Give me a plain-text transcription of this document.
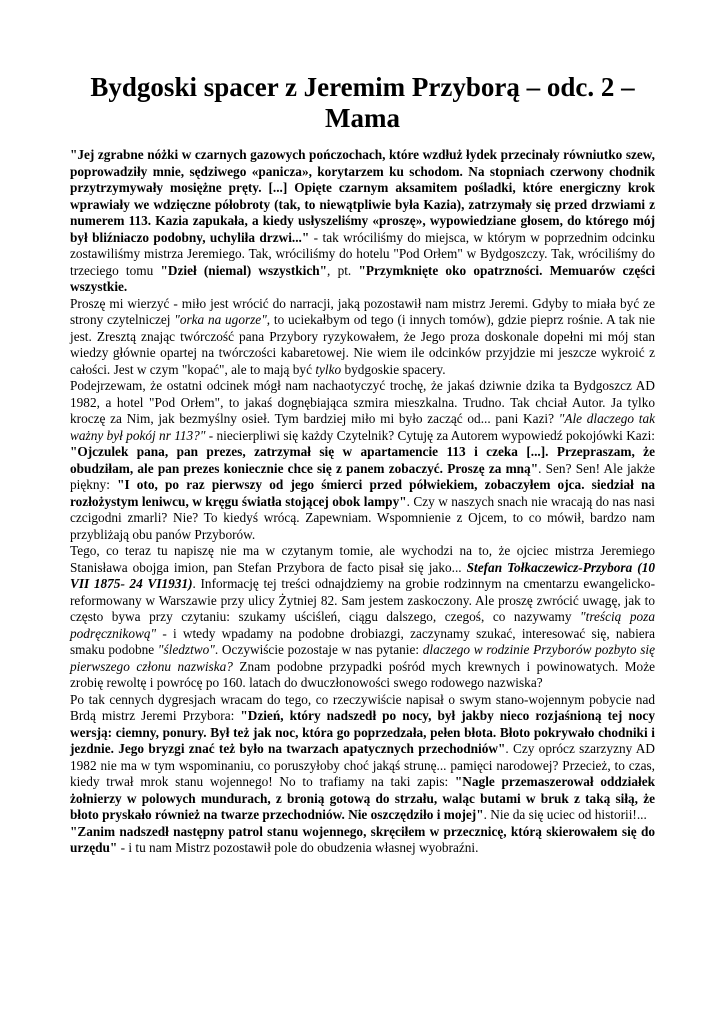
Bydgoski spacer z Jeremim Przyborą – odc. 2 – Mama

"Jej zgrabne nóżki w czarnych gazowych pończochach, które wzdłuż łydek przecinały równiutko szew, poprowadziły mnie, sędziwego «panicza», korytarzem ku schodom. Na stopniach czerwony chodnik przytrzymywały mosiężne pręty. [...] Opięte czarnym aksamitem pośladki, które energiczny krok wprawiały we wdzięczne półobroty (tak, to niewątpliwie była Kazia), zatrzymały się przed drzwiami z numerem 113. Kazia zapukała, a kiedy usłyszeliśmy «proszę», wypowiedziane głosem, do którego mój był bliźniaczo podobny, uchyliła drzwi..." - tak wróciliśmy do miejsca, w którym w poprzednim odcinku zostawiliśmy mistrza Jeremiego. Tak, wróciliśmy do hotelu "Pod Orłem" w Bydgoszczy. Tak, wróciliśmy do trzeciego tomu "Dzieł (niemal) wszystkich", pt. "Przymknięte oko opatrzności. Memuarów części wszystkie.

Proszę mi wierzyć - miło jest wrócić do narracji, jaką pozostawił nam mistrz Jeremi. Gdyby to miała być ze strony czytelniczej "orka na ugorze", to uciekałbym od tego (i innych tomów), gdzie pieprz rośnie. A tak nie jest. Zresztą znając twórczość pana Przybory ryzykowałem, że Jego proza doskonale dopełni mi mój stan wiedzy głównie opartej na twórczości kabaretowej. Nie wiem ile odcinków przyjdzie mi jeszcze wykroić z całości. Jest w czym "kopać", ale to mają być tylko bydgoskie spacery.

Podejrzewam, że ostatni odcinek mógł nam nachaotyczyć trochę, że jakaś dziwnie dzika ta Bydgoszcz AD 1982, a hotel "Pod Orłem", to jakaś dognębiająca szmira mieszkalna. Trudno. Tak chciał Autor. Ja tylko kroczę za Nim, jak bezmyślny osieł. Tym bardziej miło mi było zacząć od... pani Kazi? "Ale dlaczego tak ważny był pokój nr 113?" - niecierpliwi się każdy Czytelnik? Cytuję za Autorem wypowiedź pokojówki Kazi: "Ojczulek pana, pan prezes, zatrzymał się w apartamencie 113 i czeka [...]. Przepraszam, że obudziłam, ale pan prezes koniecznie chce się z panem zobaczyć. Proszę za mną". Sen? Sen! Ale jakże piękny: "I oto, po raz pierwszy od jego śmierci przed półwiekiem, zobaczyłem ojca. siedział na rozłożystym leniwcu, w kręgu światła stojącej obok lampy". Czy w naszych snach nie wracają do nas nasi czcigodni zmarli? Nie? To kiedyś wrócą. Zapewniam. Wspomnienie z Ojcem, to co mówił, bardzo nam przybliżają obu panów Przyborów.

Tego, co teraz tu napiszę nie ma w czytanym tomie, ale wychodzi na to, że ojciec mistrza Jeremiego Stanisława obojga imion, pan Stefan Przybora de facto pisał się jako... Stefan Tołkaczewicz-Przybora (10 VII 1875- 24 VI1931). Informację tej treści odnajdziemy na grobie rodzinnym na cmentarzu ewangelicko-reformowany w Warszawie przy ulicy Żytniej 82. Sam jestem zaskoczony. Ale proszę zwrócić uwagę, jak to często bywa przy czytaniu: szukamy uściśleń, ciągu dalszego, czegoś, co nazywamy "treścią poza podręcznikową" - i wtedy wpadamy na podobne drobiazgi, zaczynamy szukać, interesować się, nabiera smaku podobne "śledztwo". Oczywiście pozostaje w nas pytanie: dlaczego w rodzinie Przyborów pozbyto się pierwszego członu nazwiska? Znam podobne przypadki pośród mych krewnych i powinowatych. Może zrobię rewoltę i powrócę po 160. latach do dwuczłonowości swego rodowego nazwiska?

Po tak cennych dygresjach wracam do tego, co rzeczywiście napisał o swym stano-wojennym pobycie nad Brdą mistrz Jeremi Przybora: "Dzień, który nadszedł po nocy, był jakby nieco rozjaśnioną tej nocy wersją: ciemny, ponury. Był też jak noc, która go poprzedzała, pełen błota. Błoto pokrywało chodniki i jezdnie. Jego bryzgi znać też było na twarzach apatycznych przechodniów". Czy oprócz szarzyzny AD 1982 nie ma w tym wspominaniu, co poruszyłoby choć jakąś strunę... pamięci narodowej? Przecież, to czas, kiedy trwał mrok stanu wojennego! No to trafiamy na taki zapis: "Nagle przemaszerował oddziałek żołnierzy w polowych mundurach, z bronią gotową do strzału, waląc butami w bruk z taką siłą, że błoto pryskało również na twarze przechodniów. Nie oszczędziło i mojej". Nie da się uciec od historii!...

"Zanim nadszedł następny patrol stanu wojennego, skręciłem w przecznicę, którą skierowałem się do urzędu" - i tu nam Mistrz pozostawił pole do obudzenia własnej wyobraźni.
